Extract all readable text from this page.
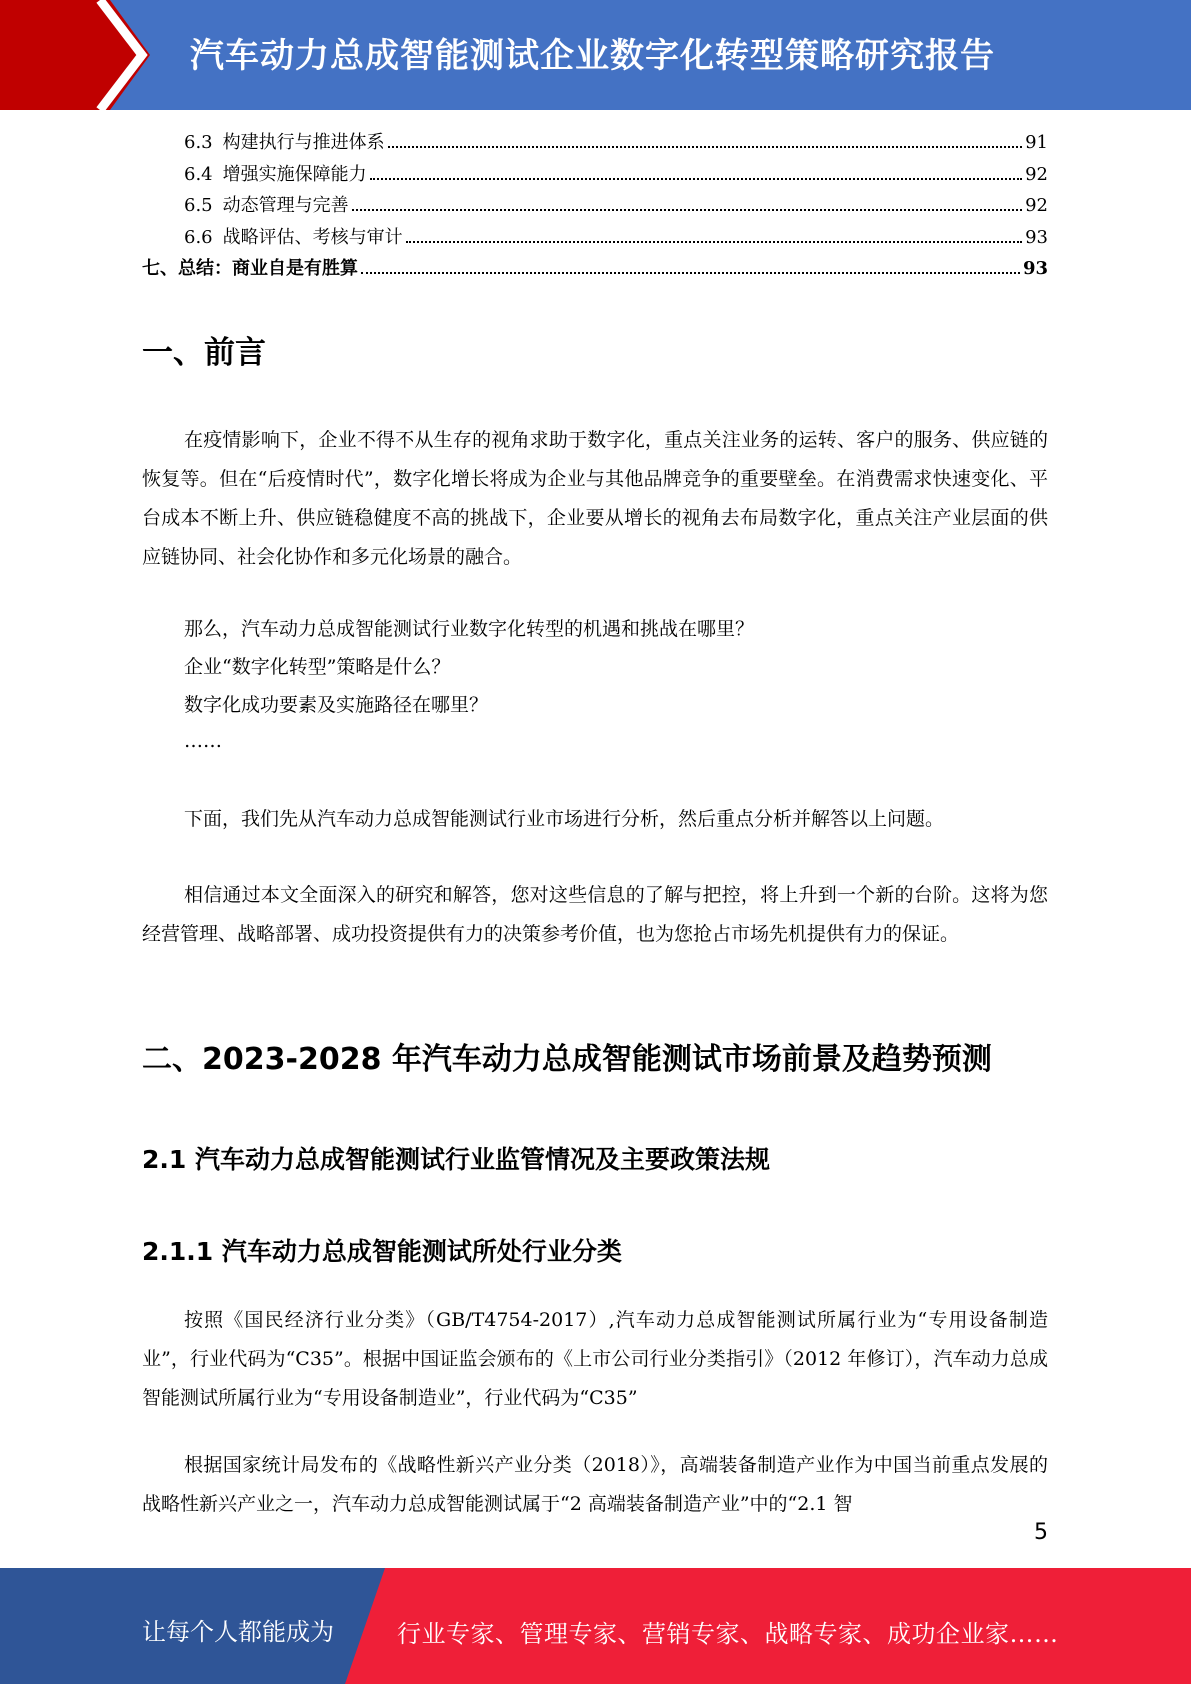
汽车动力总成智能测试企业数字化转型策略研究报告
6.3 构建执行与推进体系	91
6.4 增强实施保障能力	92
6.5 动态管理与完善	92
6.6 战略评估、考核与审计	93
七、总结：商业自是有胜算	93
一、前言

在疫情影响下，企业不得不从生存的视角求助于数字化，重点关注业务的运转、客户的服务、供应链的恢复等。但在“后疫情时代”，数字化增长将成为企业与其他品牌竞争的重要壁垒。在消费需求快速变化、平台成本不断上升、供应链稳健度不高的挑战下，企业要从增长的视角去布局数字化，重点关注产业层面的供应链协同、社会化协作和多元化场景的融合。

那么，汽车动力总成智能测试行业数字化转型的机遇和挑战在哪里？
企业“数字化转型”策略是什么？
数字化成功要素及实施路径在哪里？
……

下面，我们先从汽车动力总成智能测试行业市场进行分析，然后重点分析并解答以上问题。

相信通过本文全面深入的研究和解答，您对这些信息的了解与把控，将上升到一个新的台阶。这将为您经营管理、战略部署、成功投资提供有力的决策参考价值，也为您抢占市场先机提供有力的保证。

二、2023-2028 年汽车动力总成智能测试市场前景及趋势预测
2.1 汽车动力总成智能测试行业监管情况及主要政策法规
2.1.1 汽车动力总成智能测试所处行业分类

按照《国民经济行业分类》（GB/T4754-2017）,汽车动力总成智能测试所属行业为“专用设备制造业”，行业代码为“C35”。根据中国证监会颁布的《上市公司行业分类指引》（2012 年修订），汽车动力总成智能测试所属行业为“专用设备制造业”，行业代码为“C35”

根据国家统计局发布的《战略性新兴产业分类（2018）》，高端装备制造产业作为中国当前重点发展的战略性新兴产业之一，汽车动力总成智能测试属于“2 高端装备制造产业”中的“2.1 智

5
让每个人都能成为	行业专家、管理专家、营销专家、战略专家、成功企业家……
